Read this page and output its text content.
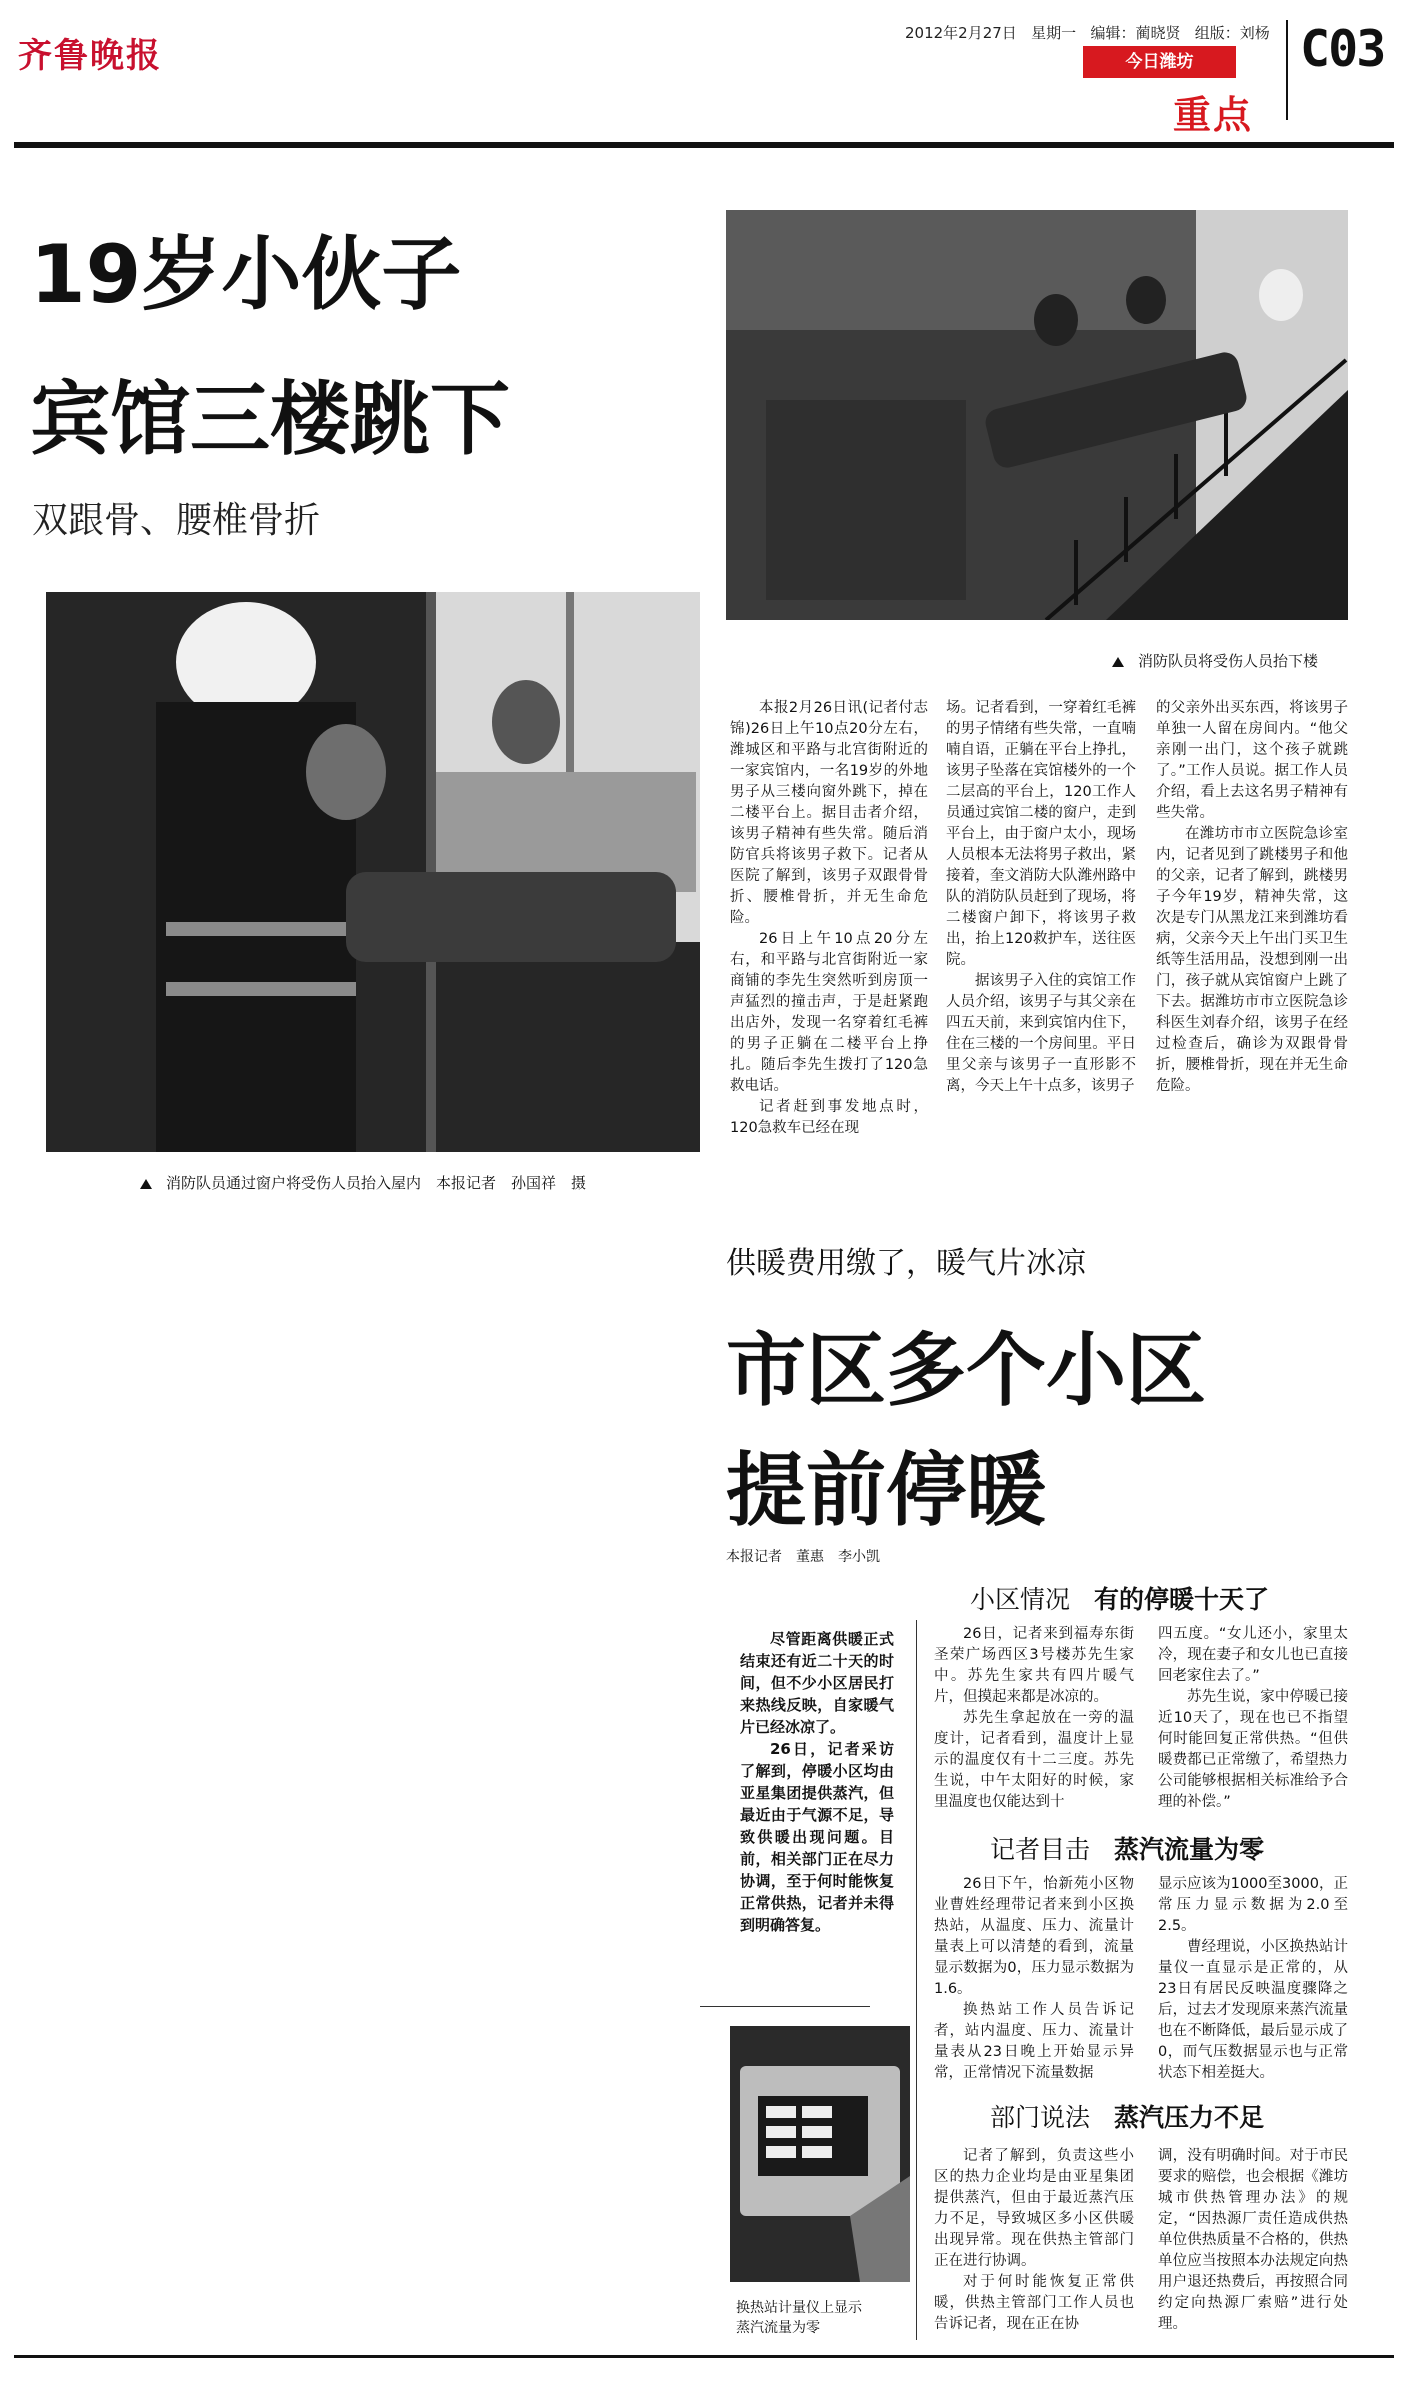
齐鲁晚报
2012年2月27日 星期一 编辑：蔺晓贤 组版：刘杨
今日潍坊
重点
C03
19岁小伙子
宾馆三楼跳下
双跟骨、腰椎骨折
消防队员将受伤人员抬下楼
消防队员通过窗户将受伤人员抬入屋内　本报记者　孙国祥　摄

本报2月26日讯(记者付志锦)26日上午10点20分左右，潍城区和平路与北宫街附近的一家宾馆内，一名19岁的外地男子从三楼向窗外跳下，掉在二楼平台上。据目击者介绍，该男子精神有些失常。随后消防官兵将该男子救下。记者从医院了解到，该男子双跟骨骨折、腰椎骨折，并无生命危险。

26日上午10点20分左右，和平路与北宫街附近一家商铺的李先生突然听到房顶一声猛烈的撞击声，于是赶紧跑出店外，发现一名穿着红毛裤的男子正躺在二楼平台上挣扎。随后李先生拨打了120急救电话。

记者赶到事发地点时，120急救车已经在现

场。记者看到，一穿着红毛裤的男子情绪有些失常，一直喃喃自语，正躺在平台上挣扎，该男子坠落在宾馆楼外的一个二层高的平台上，120工作人员通过宾馆二楼的窗户，走到平台上，由于窗户太小，现场人员根本无法将男子救出，紧接着，奎文消防大队潍州路中队的消防队员赶到了现场，将二楼窗户卸下，将该男子救出，抬上120救护车，送往医院。

据该男子入住的宾馆工作人员介绍，该男子与其父亲在四五天前，来到宾馆内住下，住在三楼的一个房间里。平日里父亲与该男子一直形影不离，今天上午十点多，该男子

的父亲外出买东西，将该男子单独一人留在房间内。“他父亲刚一出门，这个孩子就跳了。”工作人员说。据工作人员介绍，看上去这名男子精神有些失常。

在潍坊市市立医院急诊室内，记者见到了跳楼男子和他的父亲，记者了解到，跳楼男子今年19岁，精神失常，这次是专门从黑龙江来到潍坊看病，父亲今天上午出门买卫生纸等生活用品，没想到刚一出门，孩子就从宾馆窗户上跳了下去。据潍坊市市立医院急诊科医生刘春介绍，该男子在经过检查后，确诊为双跟骨骨折，腰椎骨折，现在并无生命危险。

供暖费用缴了，暖气片冰凉
市区多个小区
提前停暖
本报记者　董惠　李小凯

尽管距离供暖正式结束还有近二十天的时间，但不少小区居民打来热线反映，自家暖气片已经冰凉了。

26日，记者采访了解到，停暖小区均由亚星集团提供蒸汽，但最近由于气源不足，导致供暖出现问题。目前，相关部门正在尽力协调，至于何时能恢复正常供热，记者并未得到明确答复。

换热站计量仪上显示
蒸汽流量为零
小区情况 有的停暖十天了

26日，记者来到福寿东街圣荣广场西区3号楼苏先生家中。苏先生家共有四片暖气片，但摸起来都是冰凉的。

苏先生拿起放在一旁的温度计，记者看到，温度计上显示的温度仅有十二三度。苏先生说，中午太阳好的时候，家里温度也仅能达到十

四五度。“女儿还小，家里太冷，现在妻子和女儿也已直接回老家住去了。”

苏先生说，家中停暖已接近10天了，现在也已不指望何时能回复正常供热。“但供暖费都已正常缴了，希望热力公司能够根据相关标准给予合理的补偿。”

记者目击 蒸汽流量为零

26日下午，怡新苑小区物业曹姓经理带记者来到小区换热站，从温度、压力、流量计量表上可以清楚的看到，流量显示数据为0，压力显示数据为1.6。

换热站工作人员告诉记者，站内温度、压力、流量计量表从23日晚上开始显示异常，正常情况下流量数据

显示应该为1000至3000，正常压力显示数据为2.0至2.5。

曹经理说，小区换热站计量仪一直显示是正常的，从23日有居民反映温度骤降之后，过去才发现原来蒸汽流量也在不断降低，最后显示成了0，而气压数据显示也与正常状态下相差挺大。

部门说法 蒸汽压力不足

记者了解到，负责这些小区的热力企业均是由亚星集团提供蒸汽，但由于最近蒸汽压力不足，导致城区多小区供暖出现异常。现在供热主管部门正在进行协调。

对于何时能恢复正常供暖，供热主管部门工作人员也告诉记者，现在正在协

调，没有明确时间。对于市民要求的赔偿，也会根据《潍坊城市供热管理办法》的规定，“因热源厂责任造成供热单位供热质量不合格的，供热单位应当按照本办法规定向热用户退还热费后，再按照合同约定向热源厂索赔”进行处理。
